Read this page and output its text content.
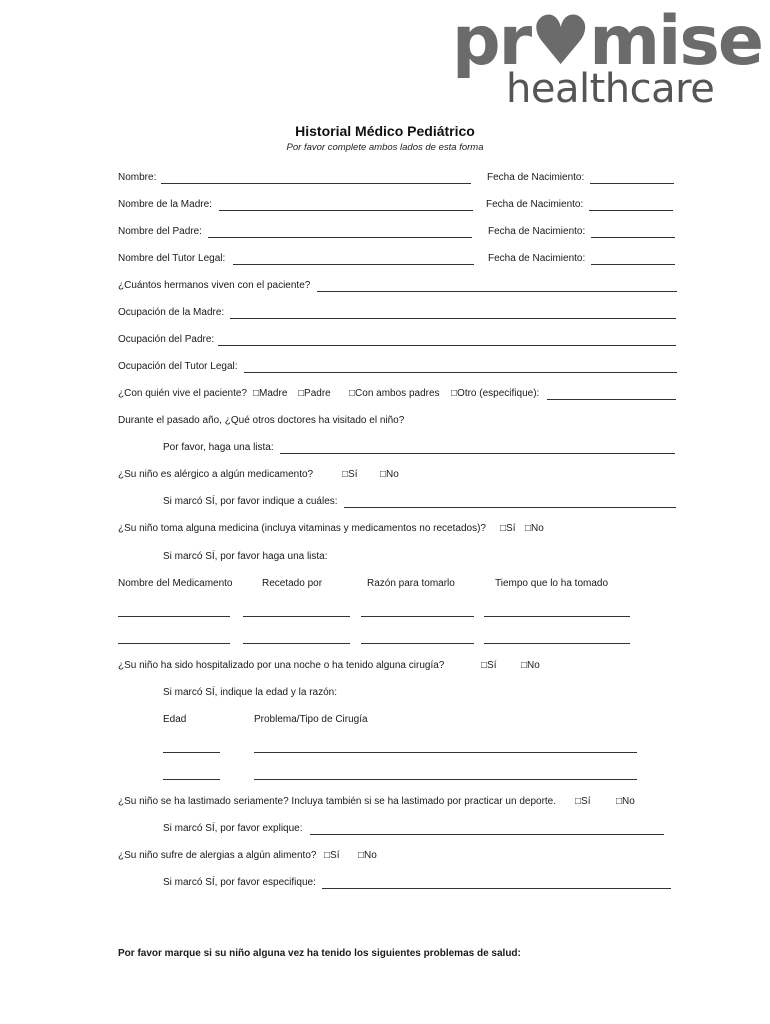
pr♥mise
healthcare
Historial Médico Pediátrico
Por favor complete ambos lados de esta forma
Nombre:	Fecha de Nacimiento:
Nombre de la Madre:	Fecha de Nacimiento:
Nombre del Padre:	Fecha de Nacimiento:
Nombre del Tutor Legal:	Fecha de Nacimiento:
¿Cuántos hermanos viven con el paciente?
Ocupación de la Madre:
Ocupación del Padre:
Ocupación del Tutor Legal:
¿Con quién vive el paciente? □Madre □Padre □Con ambos padres □Otro (especifique):
Durante el pasado año, ¿Qué otros doctores ha visitado el niño?
Por favor, haga una lista:
¿Su niño es alérgico a algún medicamento?	□Sí □No
Si marcó SÍ, por favor indique a cuáles:
¿Su niño toma alguna medicina (incluya vitaminas y medicamentos no recetados)? □Sí □No
Si marcó SÍ, por favor haga una lista:
Nombre del Medicamento	Recetado por	Razón para tomarlo	Tiempo que lo ha tomado
¿Su niño ha sido hospitalizado por una noche o ha tenido alguna cirugía?	□Sí □No
Si marcó SÍ, indique la edad y la razón:
Edad	Problema/Tipo de Cirugía
¿Su niño se ha lastimado seriamente? Incluya también si se ha lastimado por practicar un deporte. □Sí	□No
Si marcó SÍ, por favor explique:
¿Su niño sufre de alergias a algún alimento? □Sí □No
Si marcó SÍ, por favor especifique:
Por favor marque si su niño alguna vez ha tenido los siguientes problemas de salud:
